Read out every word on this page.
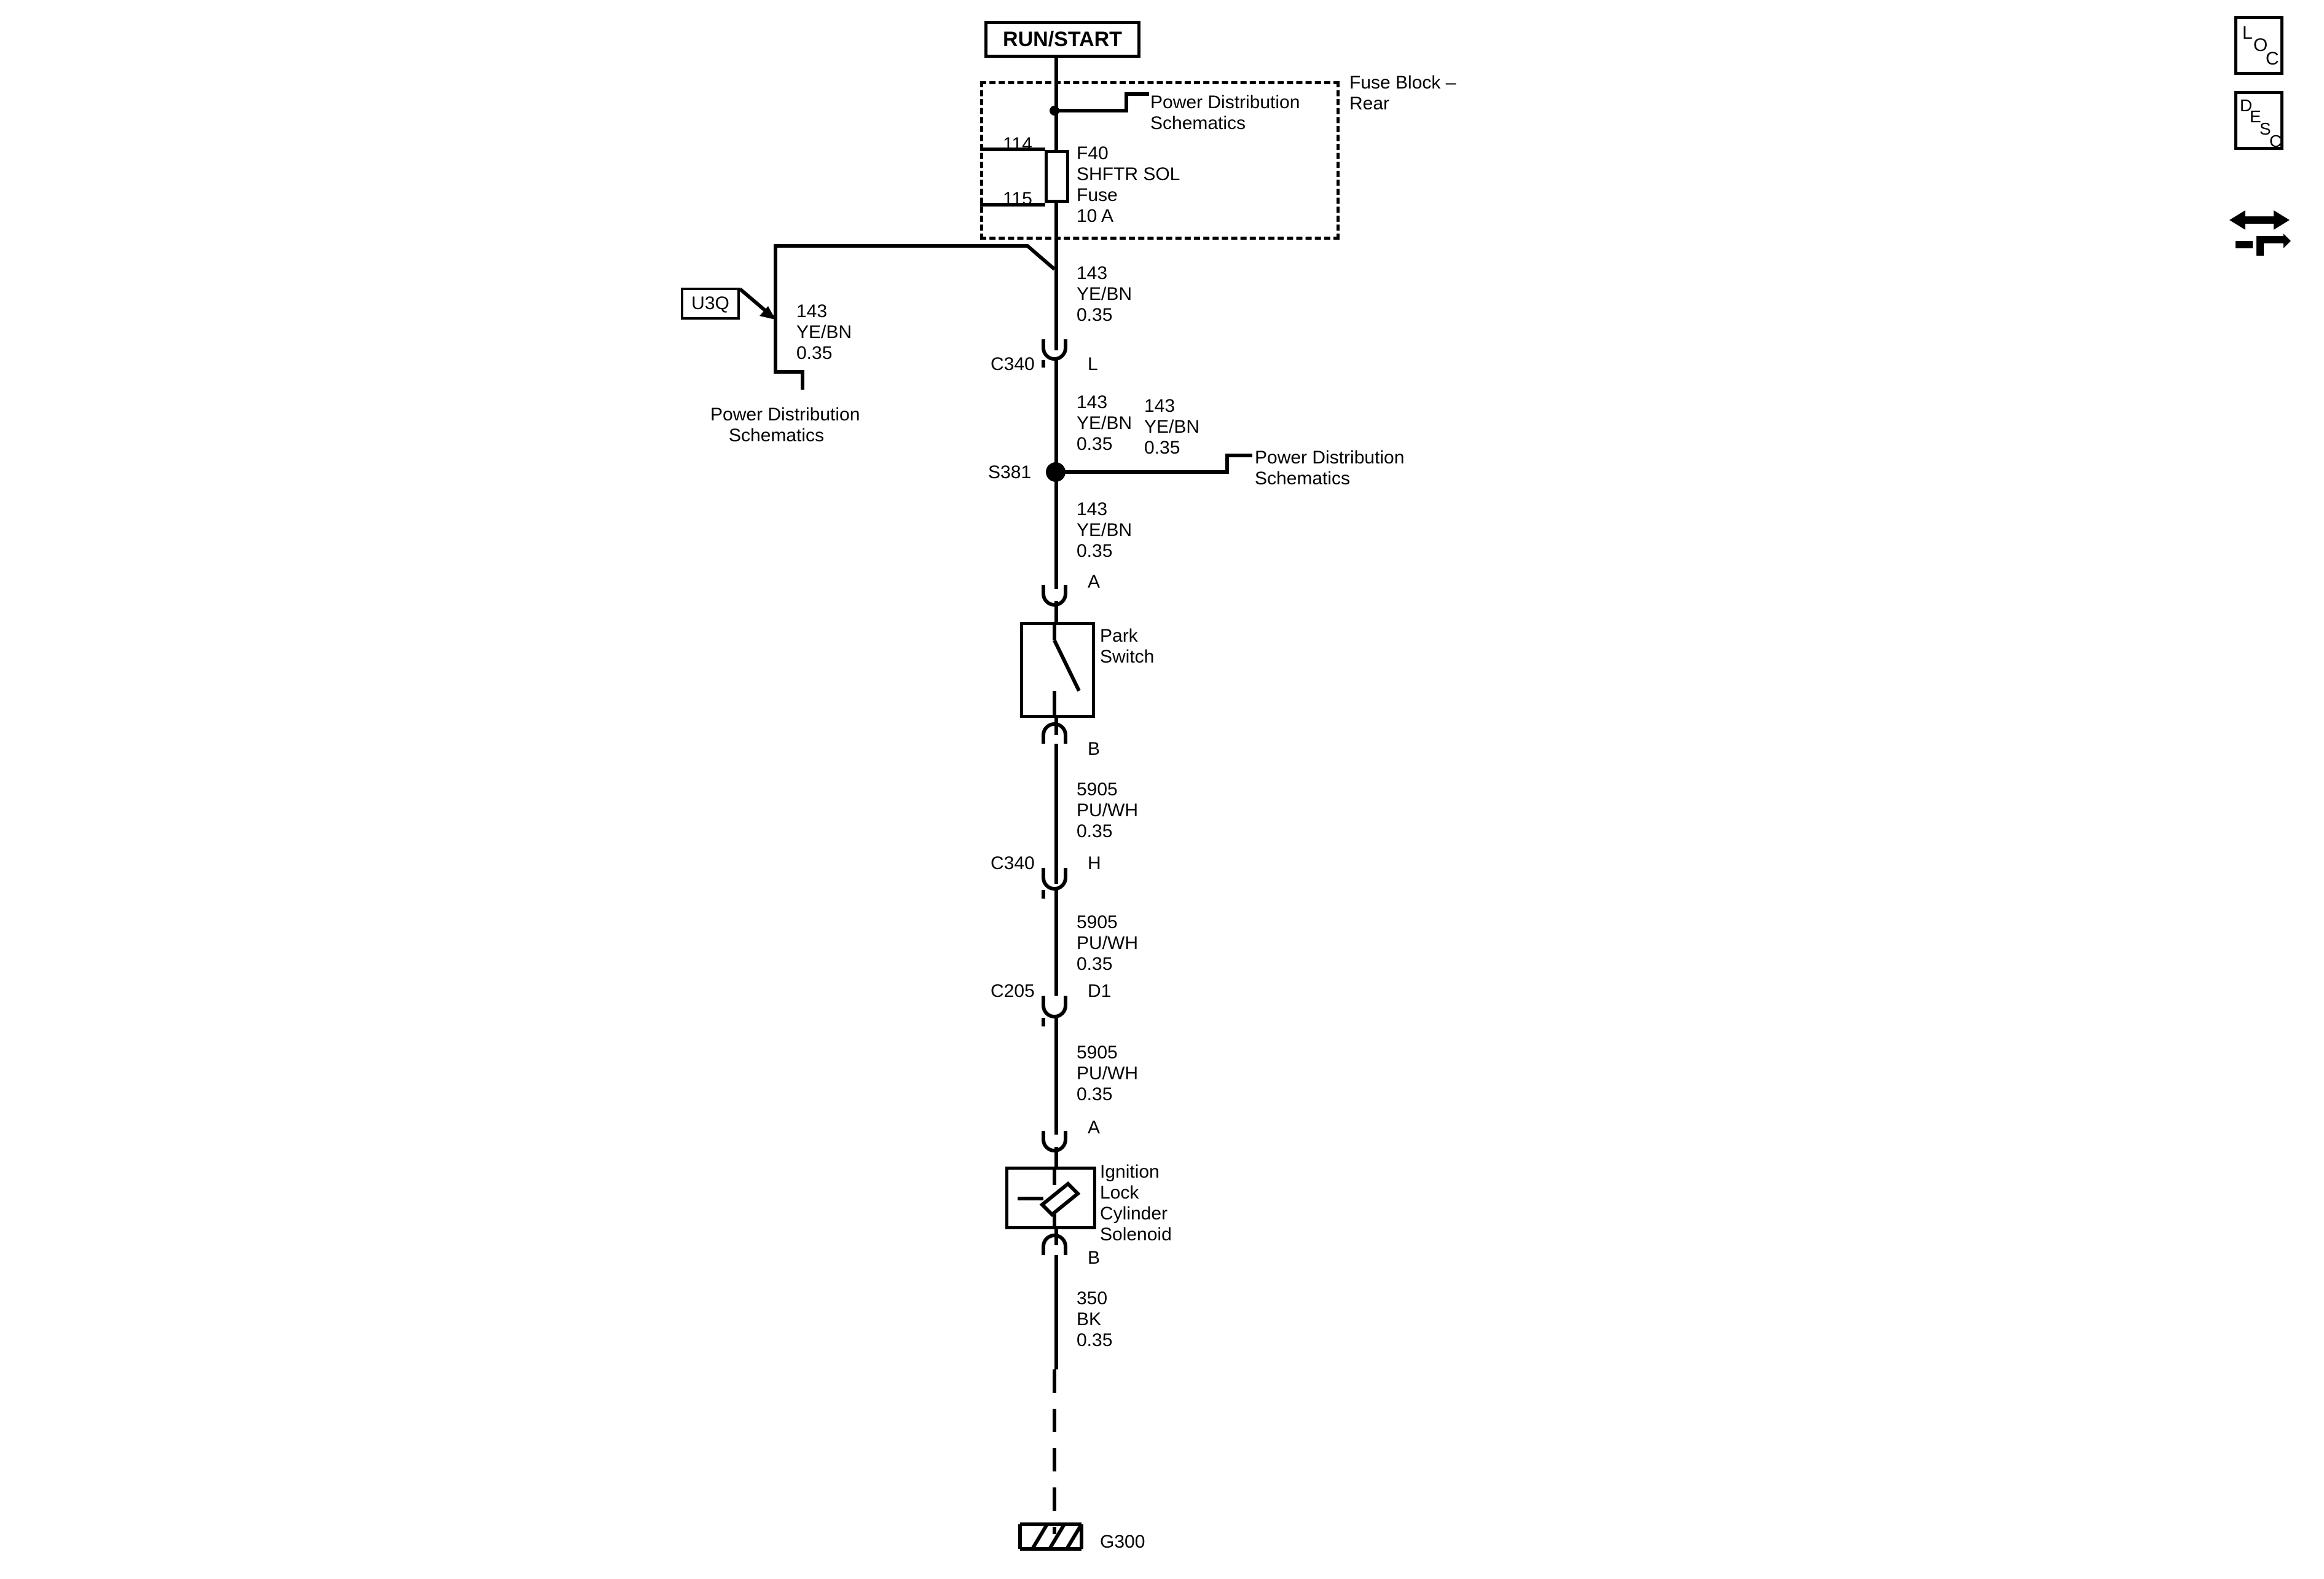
RUN/START
Fuse Block –
Rear
Power Distribution
Schematics
114
115
F40
SHFTR SOL
Fuse
10 A
143
YE/BN
0.35
U3Q	143
YE/BN
0.35
Power Distribution
Schematics
C340	L
143
YE/BN
0.35
S381
143
YE/BN
0.35	Power Distribution
Schematics
143
YE/BN
0.35
A
Park
Switch
B
5905
PU/WH
0.35
C340	H
5905
PU/WH
0.35
C205	D1
5905
PU/WH
0.35
A
Ignition
Lock
Cylinder
Solenoid
B
350
BK
0.35
G300
L
O
C
D
E
S
C
